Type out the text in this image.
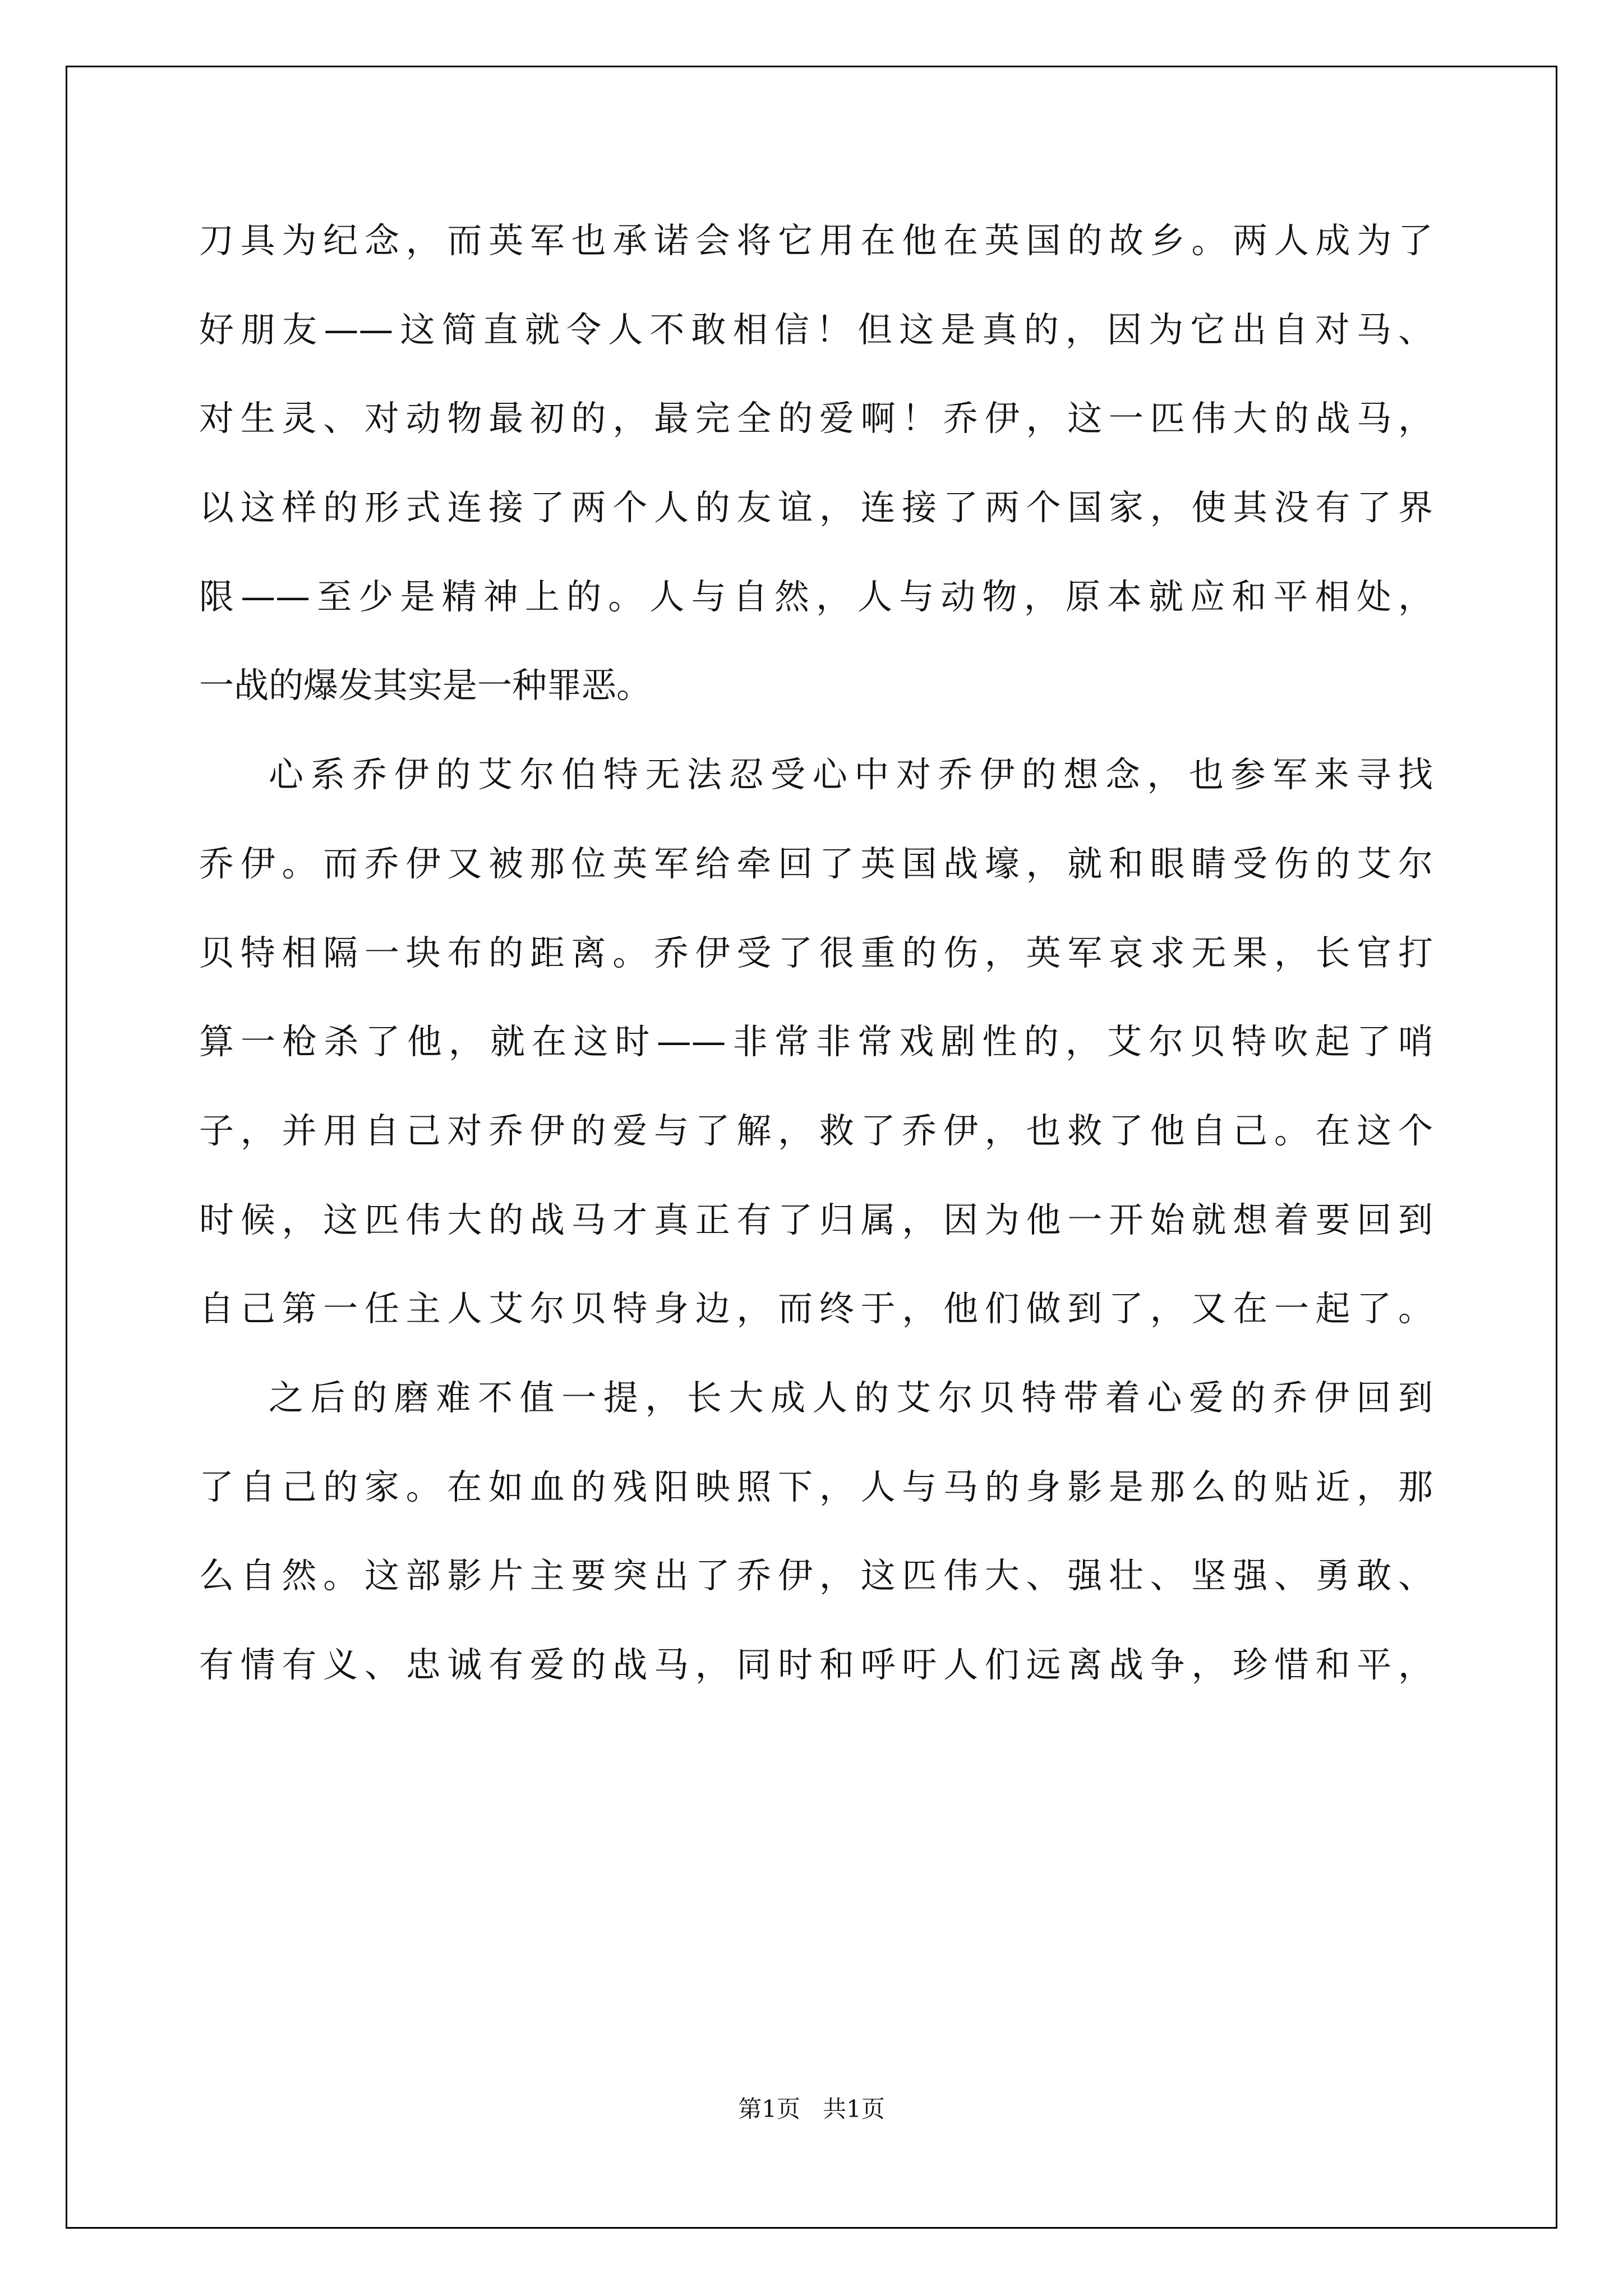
刀具为纪念，而英军也承诺会将它用在他在英国的故乡。两人成为了
好朋友——这简直就令人不敢相信！但这是真的，因为它出自对马、
对生灵、对动物最初的，最完全的爱啊！乔伊，这一匹伟大的战马，
以这样的形式连接了两个人的友谊，连接了两个国家，使其没有了界
限——至少是精神上的。人与自然，人与动物，原本就应和平相处，
一战的爆发其实是一种罪恶。
心系乔伊的艾尔伯特无法忍受心中对乔伊的想念，也参军来寻找
乔伊。而乔伊又被那位英军给牵回了英国战壕，就和眼睛受伤的艾尔
贝特相隔一块布的距离。乔伊受了很重的伤，英军哀求无果，长官打
算一枪杀了他，就在这时——非常非常戏剧性的，艾尔贝特吹起了哨
子，并用自己对乔伊的爱与了解，救了乔伊，也救了他自己。在这个
时候，这匹伟大的战马才真正有了归属，因为他一开始就想着要回到
自己第一任主人艾尔贝特身边，而终于，他们做到了，又在一起了。
之后的磨难不值一提，长大成人的艾尔贝特带着心爱的乔伊回到
了自己的家。在如血的残阳映照下，人与马的身影是那么的贴近，那
么自然。这部影片主要突出了乔伊，这匹伟大、强壮、坚强、勇敢、
有情有义、忠诚有爱的战马，同时和呼吁人们远离战争，珍惜和平，
第1页   共1页
